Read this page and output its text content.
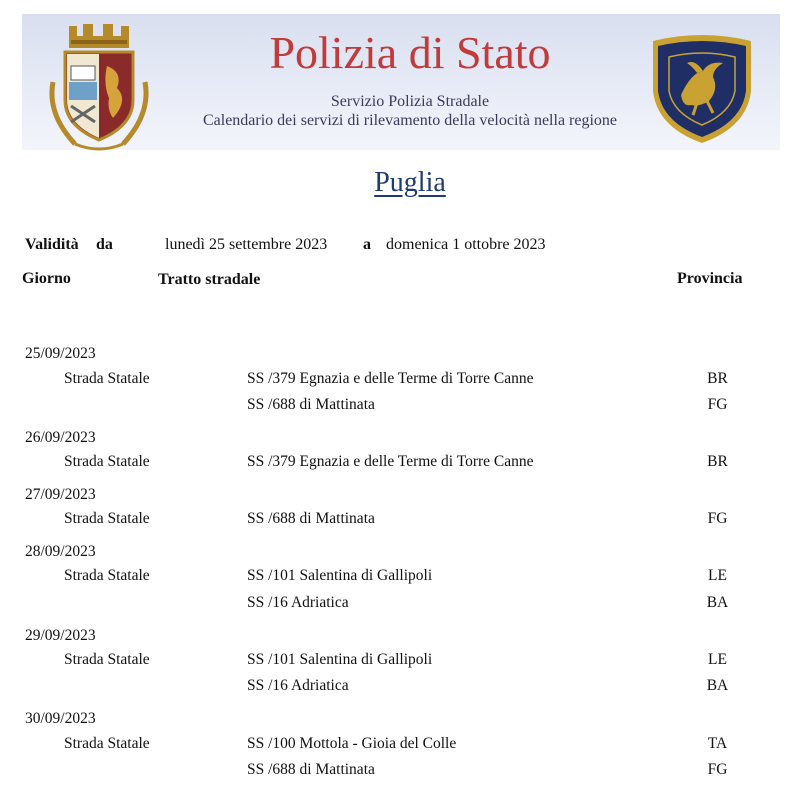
Polizia di Stato
Servizio Polizia Stradale
Calendario dei servizi di rilevamento della velocità nella regione
Puglia
Validità da	lunedì 25 settembre 2023 a domenica 1 ottobre 2023
Giorno	Tratto stradale	Provincia
25/09/2023
Strada Statale	SS /379 Egnazia e delle Terme di Torre Canne	BR
SS /688 di Mattinata	FG
26/09/2023
Strada Statale	SS /379 Egnazia e delle Terme di Torre Canne	BR
27/09/2023
Strada Statale	SS /688 di Mattinata	FG
28/09/2023
Strada Statale	SS /101 Salentina di Gallipoli	LE
SS /16 Adriatica	BA
29/09/2023
Strada Statale	SS /101 Salentina di Gallipoli	LE
SS /16 Adriatica	BA
30/09/2023
Strada Statale	SS /100 Mottola - Gioia del Colle	TA
SS /688 di Mattinata	FG
